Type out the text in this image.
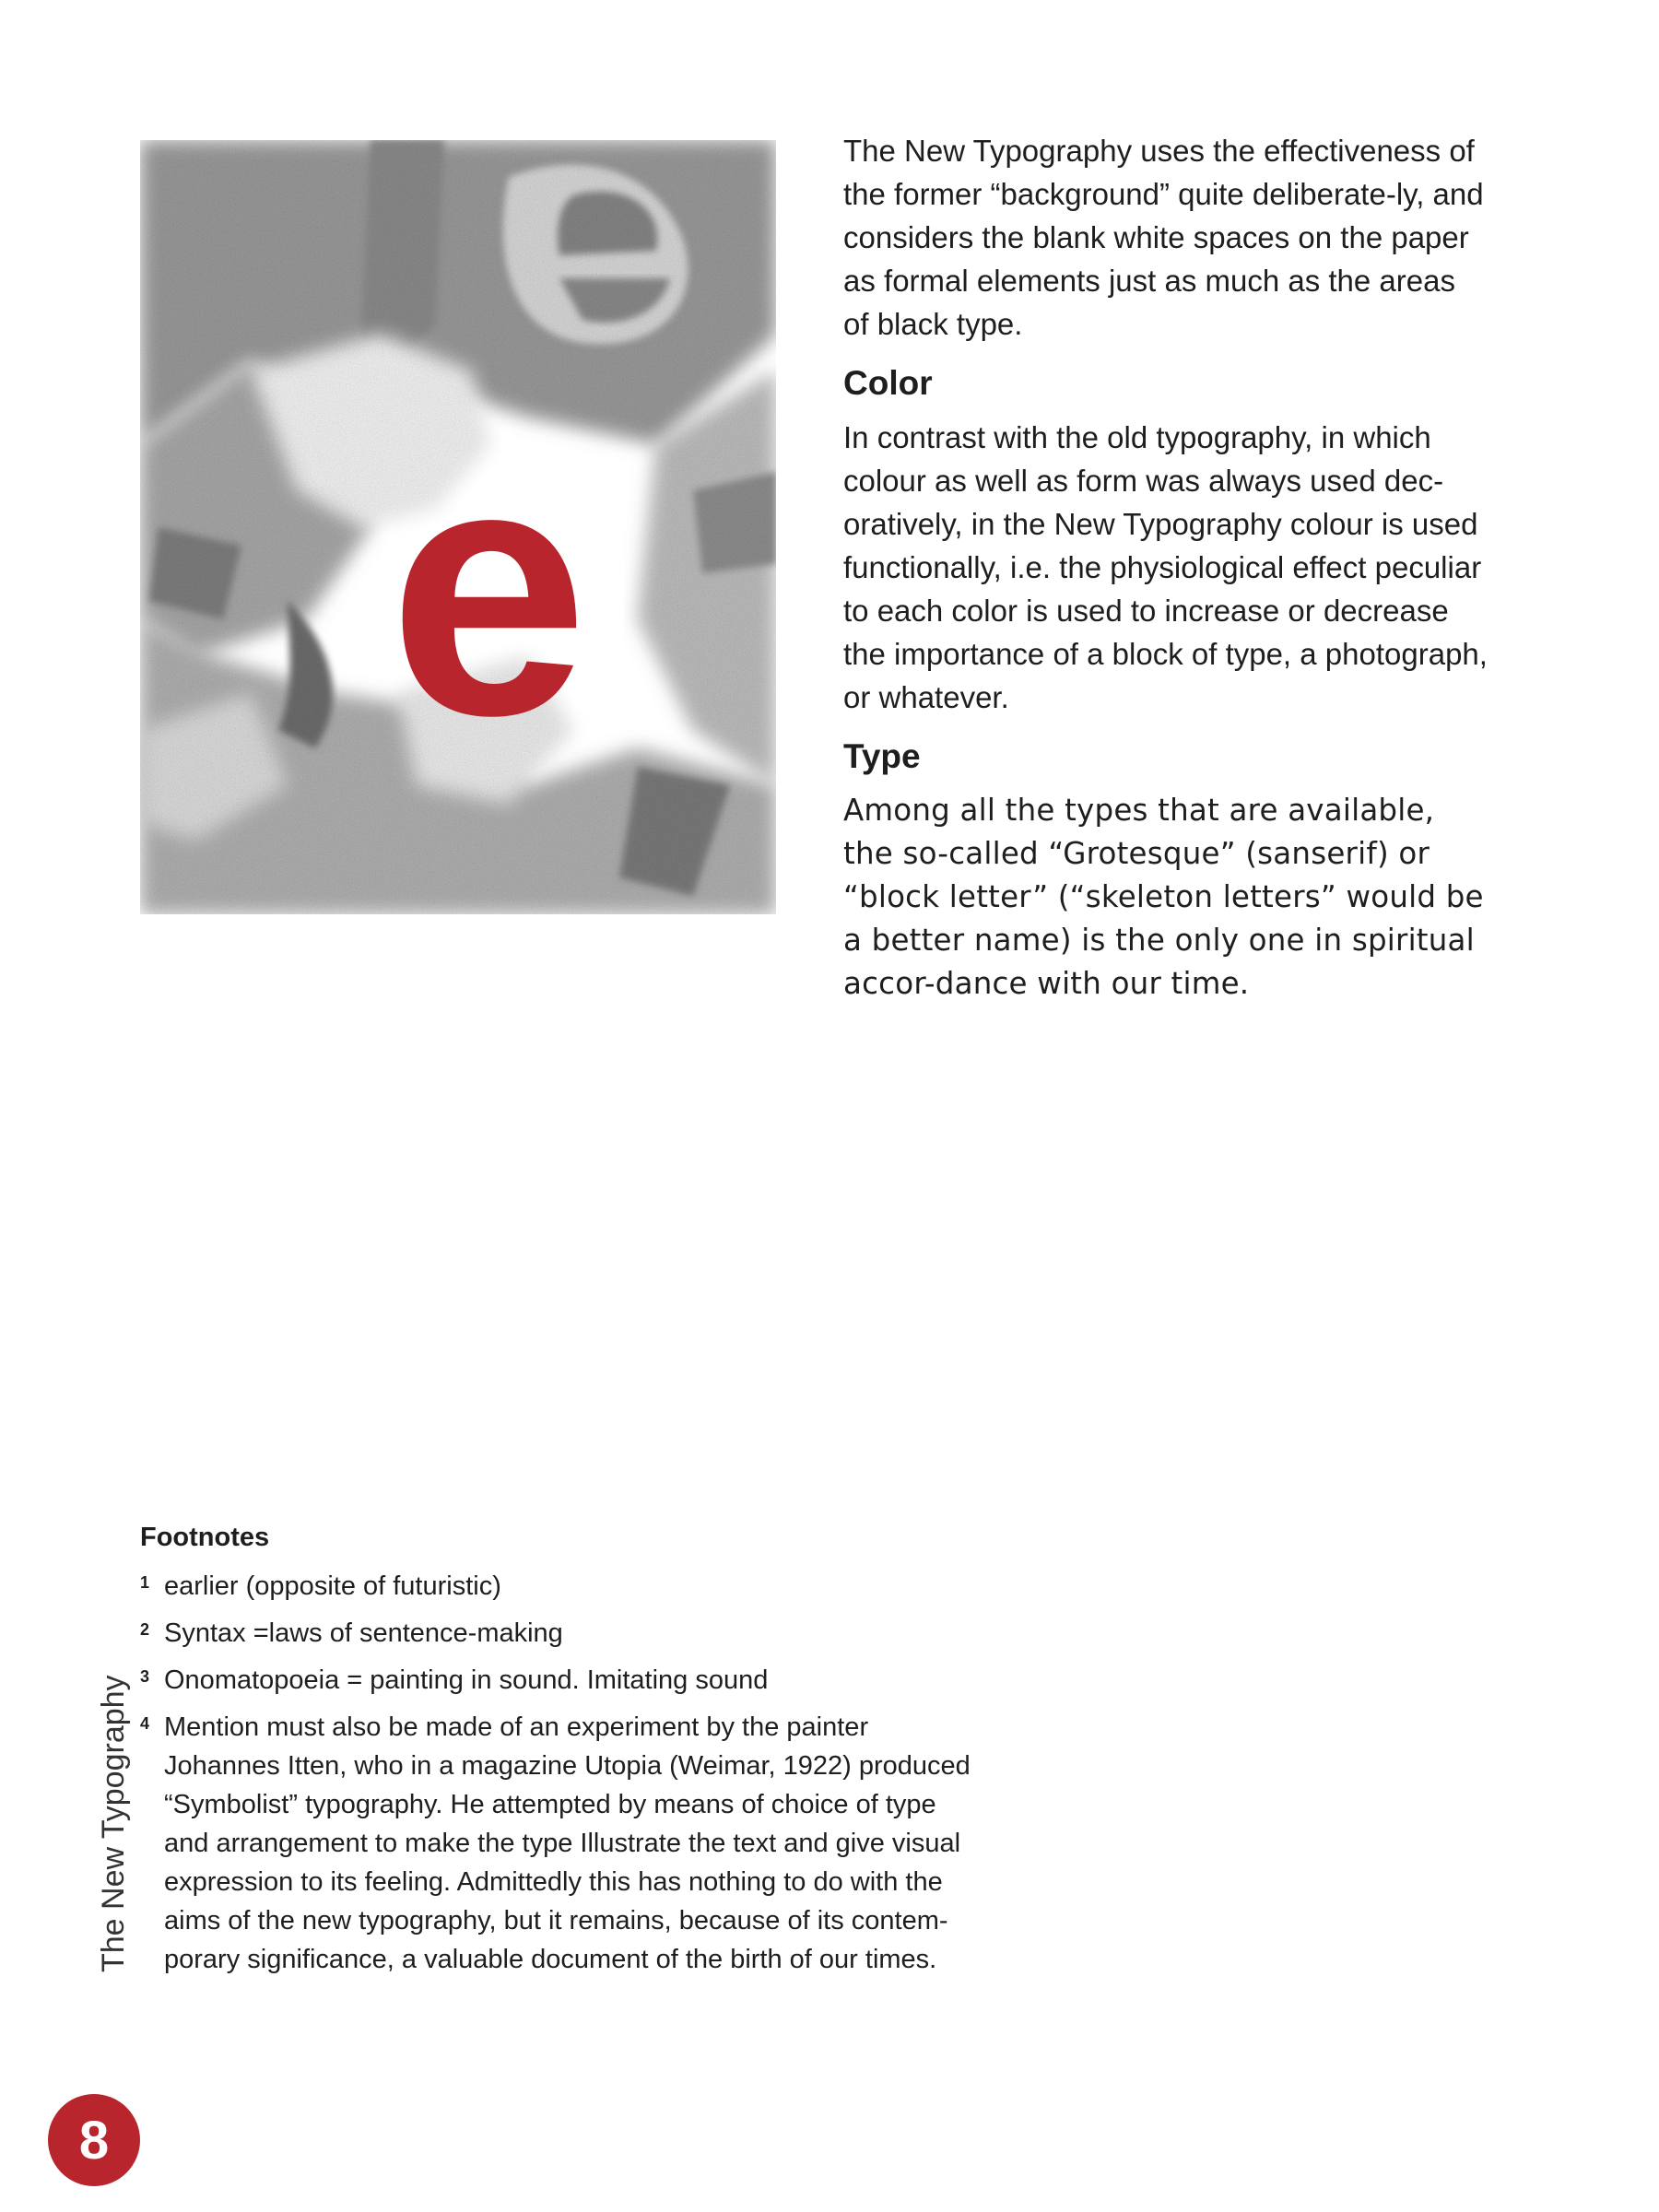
e

The New Typography uses the effectiveness of the former “background” quite deliberate-ly, and considers the blank white spaces on the paper as formal elements just as much as the areas of black type.

Color

In contrast with the old typography, in which colour as well as form was always used dec-oratively, in the New Typography colour is used functionally, i.e. the physiological effect peculiar to each color is used to increase or decrease the importance of a block of type, a photograph, or whatever.

Type

Among all the types that are available, the so-called “Grotesque” (sanserif) or “block letter” (“skeleton letters” would be a better name) is the only one in spiritual accor-dance with our time.

Footnotes
1 earlier (opposite of futuristic)
2 Syntax =laws of sentence-making
3 Onomatopoeia = painting in sound. Imitating sound
4 Mention must also be made of an experiment by the painter Johannes Itten, who in a magazine Utopia (Weimar, 1922) produced “Symbolist” typography. He attempted by means of choice of type and arrangement to make the type Illustrate the text and give visual expression to its feeling. Admittedly this has nothing to do with the aims of the new typography, but it remains, because of its contem-porary significance, a valuable document of the birth of our times.
The New Typography
8
